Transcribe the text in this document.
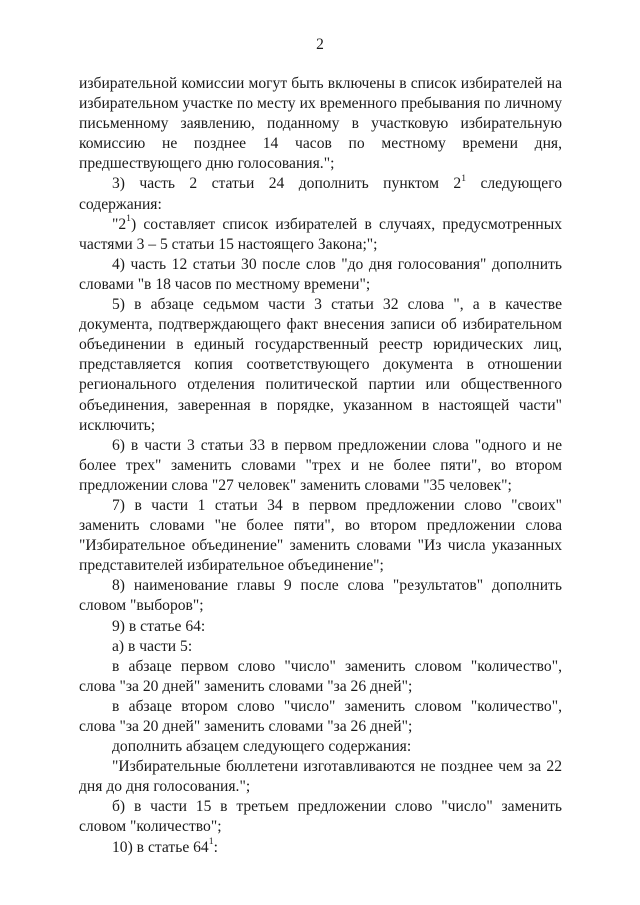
2

избирательной комиссии могут быть включены в список избирателей на избирательном участке по месту их временного пребывания по личному письменному заявлению, поданному в участковую избирательную комиссию не позднее 14 часов по местному времени дня, предшествующего дню голосования.";

3) часть 2 статьи 24 дополнить пунктом $2^1$ следующего содержания:

"$2^1$) составляет список избирателей в случаях, предусмотренных частями 3 – 5 статьи 15 настоящего Закона;";

4) часть 12 статьи 30 после слов "до дня голосования" дополнить словами "в 18 часов по местному времени";

5) в абзаце седьмом части 3 статьи 32 слова ", а в качестве документа, подтверждающего факт внесения записи об избирательном объединении в единый государственный реестр юридических лиц, представляется копия соответствующего документа в отношении регионального отделения политической партии или общественного объединения, заверенная в порядке, указанном в настоящей части" исключить;

6) в части 3 статьи 33 в первом предложении слова "одного и не более трех" заменить словами "трех и не более пяти", во втором предложении слова "27 человек" заменить словами "35 человек";

7) в части 1 статьи 34 в первом предложении слово "своих" заменить словами "не более пяти", во втором предложении слова "Избирательное объединение" заменить словами "Из числа указанных представителей избирательное объединение";

8) наименование главы 9 после слова "результатов" дополнить словом "выборов";

9) в статье 64:

а) в части 5:

в абзаце первом слово "число" заменить словом "количество", слова "за 20 дней" заменить словами "за 26 дней";

в абзаце втором слово "число" заменить словом "количество", слова "за 20 дней" заменить словами "за 26 дней";

дополнить абзацем следующего содержания:

"Избирательные бюллетени изготавливаются не позднее чем за 22 дня до дня голосования.";

б) в части 15 в третьем предложении слово "число" заменить словом "количество";

10) в статье $64^1$:
